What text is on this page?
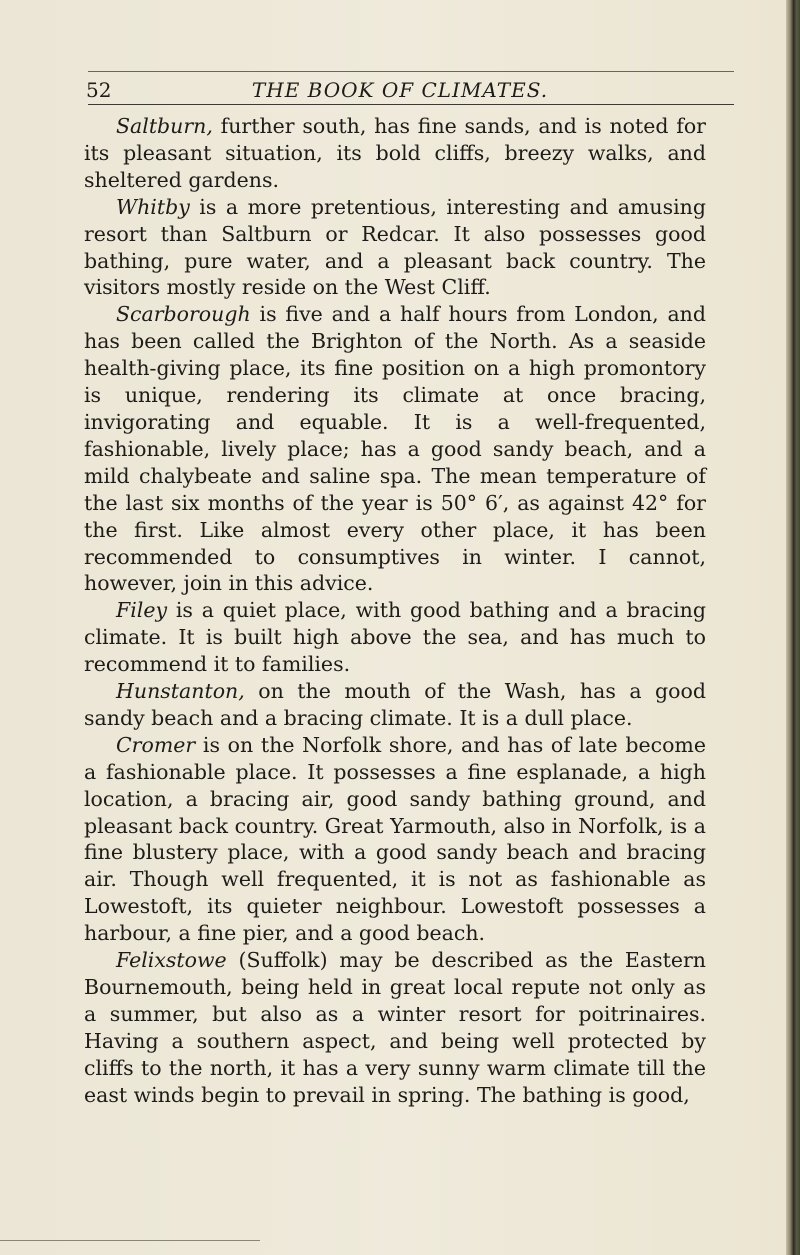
52	THE BOOK OF CLIMATES.

Saltburn, further south, has fine sands, and is noted for its pleasant situation, its bold cliffs, breezy walks, and sheltered gardens.

Whitby is a more pretentious, interesting and amusing resort than Saltburn or Redcar. It also possesses good bathing, pure water, and a pleasant back country. The visitors mostly reside on the West Cliff.

Scarborough is five and a half hours from London, and has been called the Brighton of the North. As a seaside health-giving place, its fine position on a high promontory is unique, rendering its climate at once bracing, invigorating and equable. It is a well-frequented, fashionable, lively place; has a good sandy beach, and a mild chalybeate and saline spa. The mean temperature of the last six months of the year is 50° 6′, as against 42° for the first. Like almost every other place, it has been recommended to consumptives in winter. I cannot, however, join in this advice.

Filey is a quiet place, with good bathing and a bracing climate. It is built high above the sea, and has much to recommend it to families.

Hunstanton, on the mouth of the Wash, has a good sandy beach and a bracing climate. It is a dull place.

Cromer is on the Norfolk shore, and has of late become a fashionable place. It possesses a fine esplanade, a high location, a bracing air, good sandy bathing ground, and pleasant back country. Great Yarmouth, also in Norfolk, is a fine blustery place, with a good sandy beach and bracing air. Though well frequented, it is not as fashionable as Lowestoft, its quieter neighbour. Lowestoft possesses a harbour, a fine pier, and a good beach.

Felixstowe (Suffolk) may be described as the Eastern Bournemouth, being held in great local repute not only as a summer, but also as a winter resort for poitrinaires. Having a southern aspect, and being well protected by cliffs to the north, it has a very sunny warm climate till the east winds begin to prevail in spring. The bathing is good,
